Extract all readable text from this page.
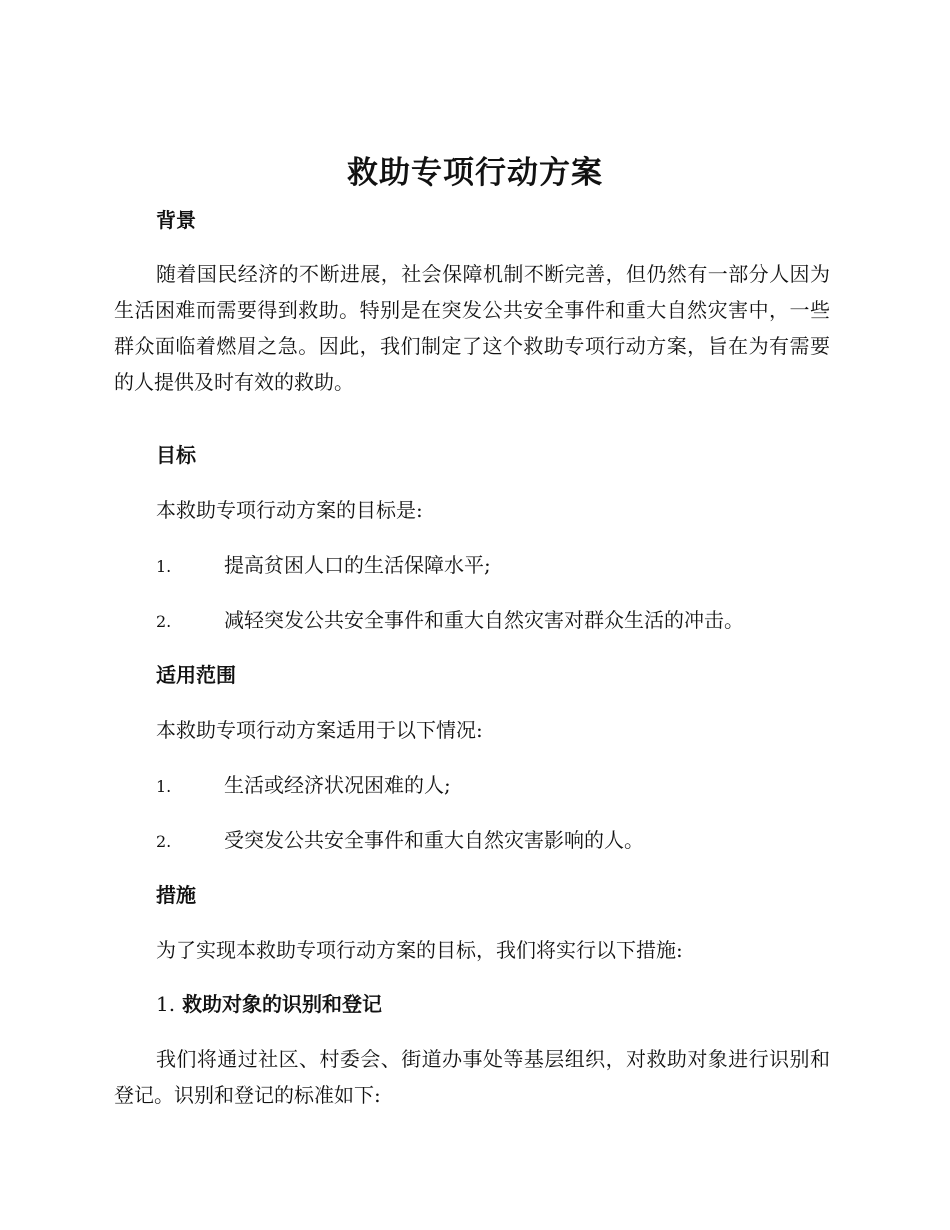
救助专项行动方案
背景
随着国民经济的不断进展，社会保障机制不断完善，但仍然有一部分人因为生活困难而需要得到救助。特别是在突发公共安全事件和重大自然灾害中，一些群众面临着燃眉之急。因此，我们制定了这个救助专项行动方案，旨在为有需要的人提供及时有效的救助。
目标
本救助专项行动方案的目标是:
1.	提高贫困人口的生活保障水平;
2.	减轻突发公共安全事件和重大自然灾害对群众生活的冲击。
适用范围
本救助专项行动方案适用于以下情况:
1.	生活或经济状况困难的人;
2.	受突发公共安全事件和重大自然灾害影响的人。
措施
为了实现本救助专项行动方案的目标，我们将实行以下措施:
1. 救助对象的识别和登记
我们将通过社区、村委会、街道办事处等基层组织，对救助对象进行识别和登记。识别和登记的标准如下:
